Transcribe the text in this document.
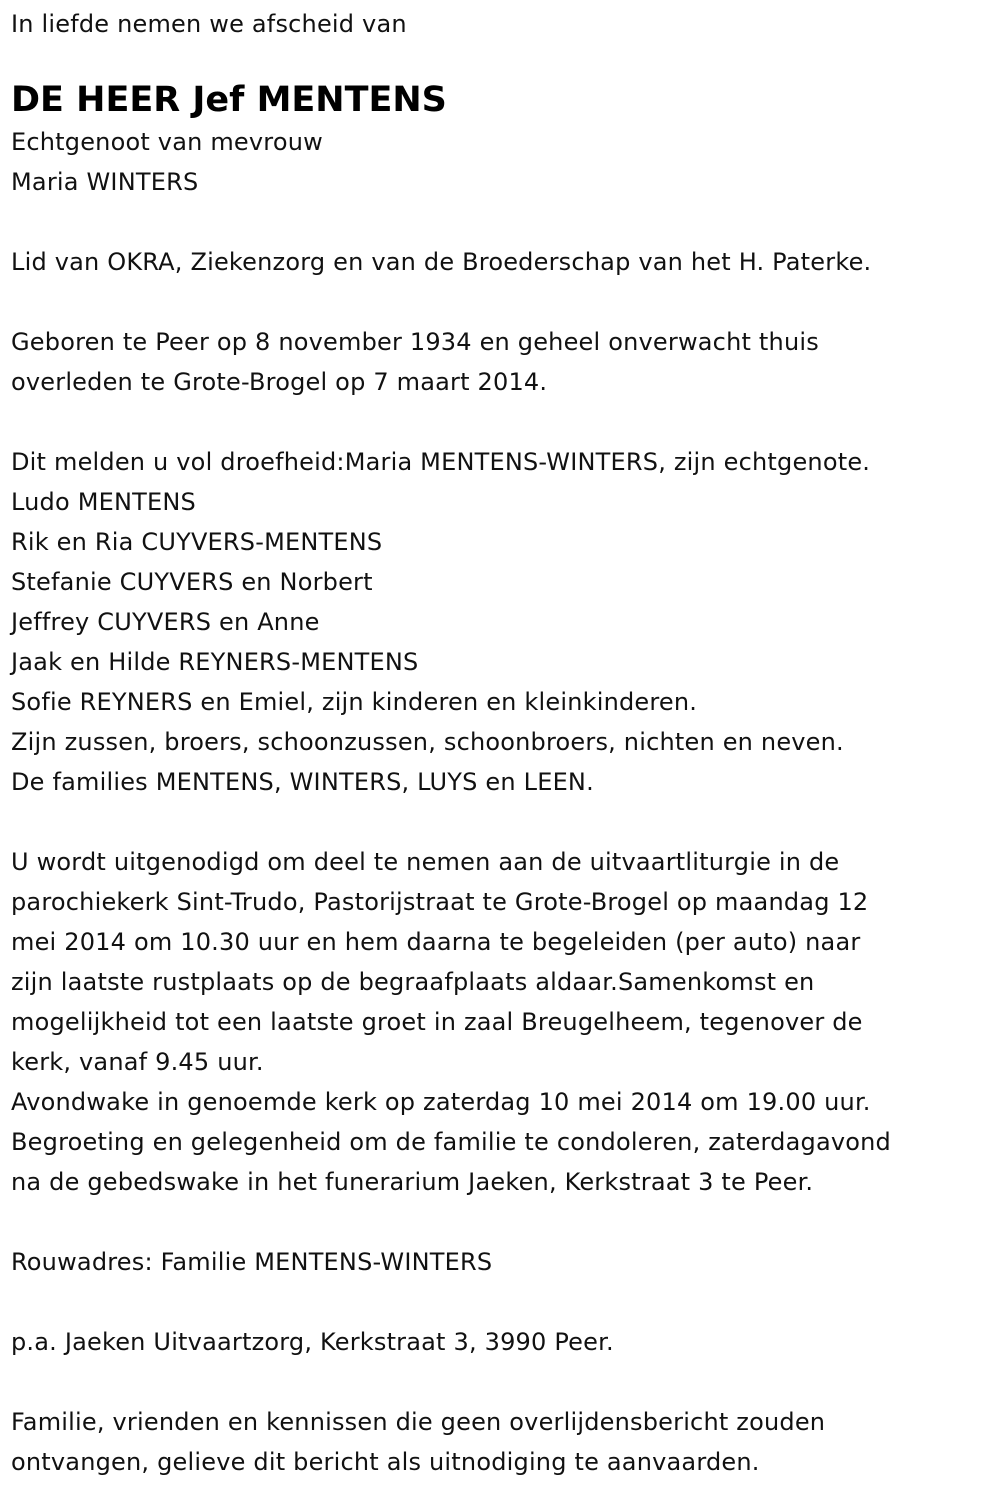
In liefde nemen we afscheid van
DE HEER Jef MENTENS
Echtgenoot van mevrouw
Maria WINTERS
Lid van OKRA, Ziekenzorg en van de Broederschap van het H. Paterke.
Geboren te Peer op 8 november 1934 en geheel onverwacht thuis
overleden te Grote-Brogel op 7 maart 2014.
Dit melden u vol droefheid:Maria MENTENS-WINTERS, zijn echtgenote.
Ludo MENTENS
Rik en Ria CUYVERS-MENTENS
Stefanie CUYVERS en Norbert
Jeffrey CUYVERS en Anne
Jaak en Hilde REYNERS-MENTENS
Sofie REYNERS en Emiel, zijn kinderen en kleinkinderen.
Zijn zussen, broers, schoonzussen, schoonbroers, nichten en neven.
De families MENTENS, WINTERS, LUYS en LEEN.
U wordt uitgenodigd om deel te nemen aan de uitvaartliturgie in de
parochiekerk Sint-Trudo, Pastorijstraat te Grote-Brogel op maandag 12
mei 2014 om 10.30 uur en hem daarna te begeleiden (per auto) naar
zijn laatste rustplaats op de begraafplaats aldaar.Samenkomst en
mogelijkheid tot een laatste groet in zaal Breugelheem, tegenover de
kerk, vanaf 9.45 uur.
Avondwake in genoemde kerk op zaterdag 10 mei 2014 om 19.00 uur.
Begroeting en gelegenheid om de familie te condoleren, zaterdagavond
na de gebedswake in het funerarium Jaeken, Kerkstraat 3 te Peer.
Rouwadres: Familie MENTENS-WINTERS
p.a. Jaeken Uitvaartzorg, Kerkstraat 3, 3990 Peer.
Familie, vrienden en kennissen die geen overlijdensbericht zouden
ontvangen, gelieve dit bericht als uitnodiging te aanvaarden.
